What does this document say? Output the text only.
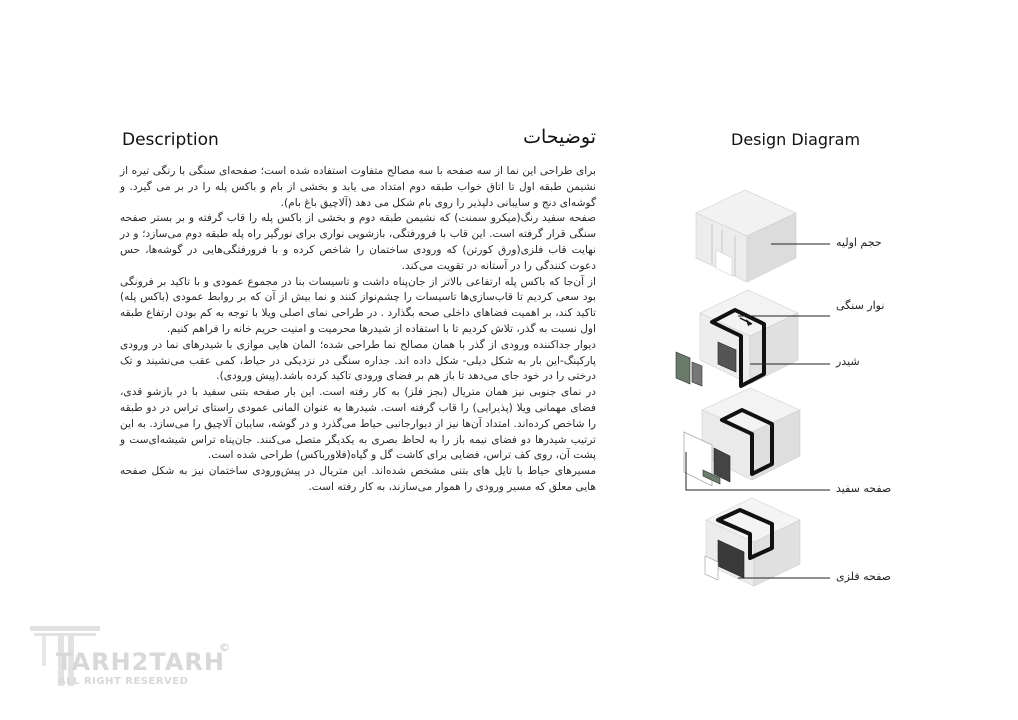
Description	توضیحات	Design Diagram

برای طراحی این نما از سه صفحه با سه مصالح متفاوت استفاده شده است؛ صفحه‌ای سنگی با رنگی تیره از نشیمن طبقه اول تا اتاق خواب طبقه دوم امتداد می یابد و بخشی از بام و باکس پله را در بر می گیرد. و گوشه‌ای دنج و سایبانی دلپذیر را روی بام شکل می دهد (آلاچیق باغ بام).

صفحه سفید رنگ(میکرو سمنت) که نشیمن طبقه دوم و بخشی از باکس پله را قاب گرفته و بر بستر صفحه سنگی قرار گرفته است. این قاب با فرورفتگی، بازشویی نواری برای نورگیر راه پله طبقه دوم می‌سازد؛ و در نهایت قاب فلزی(ورق کورتن) که ورودی ساختمان را شاخص کرده و با فرورفتگی‌هایی در گوشه‌ها، حس دعوت کنندگی را در آستانه در تقویت می‌کند.

از آن‌جا که باکس پله ارتفاعی بالاتر از جان‌پناه داشت و تاسیسات بنا در مجموع عمودی و با تاکید بر فرونگی بود سعی کردیم تا قاب‌سازی‌ها تاسیسات را چشم‌نواز کنند و نما بیش از آن که بر روابط عمودی (باکس پله) تاکید کند، بر اهمیت فضاهای داخلی صحه بگذارد . در طراحی نمای اصلی ویلا با توجه به کم بودن ارتفاع طبقه اول نسبت به گذر، تلاش کردیم تا با استفاده از شیدرها محرمیت و امنیت حریم خانه را فراهم کنیم.

دیوار جداکننده ورودی از گذر با همان مصالح نما طراحی شده؛ المان هایی موازی با شیدرهای نما در ورودی پارکینگ-این بار به شکل دیلی- شکل داده اند. جداره سنگی در نزدیکی در حیاط، کمی عقب می‌نشیند و تک درختی را در خود جای می‌دهد تا باز هم بر فضای ورودی تاکید کرده باشد.(پیش ورودی).

در نمای جنوبی نیز همان متریال (بجز فلز) به کار رفته است. این بار صفحه بتنی سفید با در بازشو قدی، فضای مهمانی ویلا (پذیرایی) را قاب گرفته است. شیدرها به عنوان المانی عمودی راستای تراس در دو طبقه را شاخص کرده‌اند. امتداد آن‌ها نیز از دیوارجانبی حیاط می‌گذرد و در گوشه، سایبان آلاچیق را می‌سازد. به این ترتیب شیدرها دو فضای نیمه باز را به لحاظ بصری به یکدیگر متصل می‌کنند. جان‌پناه تراس شیشه‌ای‌ست و پشت آن، روی کف تراس، فضایی برای کاشت گل و گیاه(فلاورباکس) طراحی شده است.

مسیرهای حیاط با تایل های بتنی مشخص شده‌اند. این متریال در پیش‌ورودی ساختمان نیز به شکل صفحه هایی معلق که مسیر ورودی را هموار می‌سازند، به کار رفته است.

حجم اولیه
نوار سنگی
شیدر
صفحه سفید
صفحه فلزی
TARH2TARH
ALL RIGHT RESERVED
©
